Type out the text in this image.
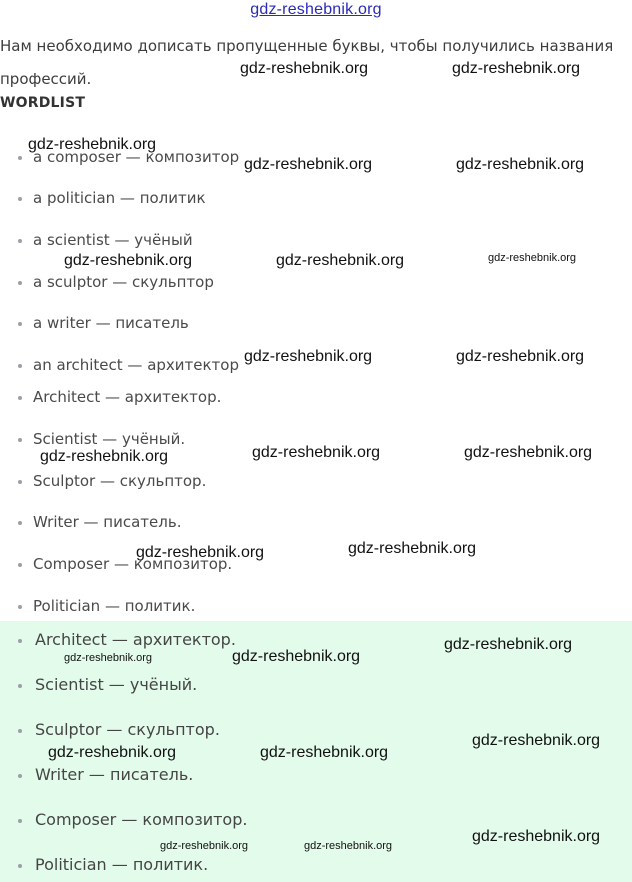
gdz-reshebnik.org
Нам необходимо дописать пропущенные буквы, чтобы получились названия профессий.
WORDLIST
a composer — композитор
a politician — политик
a scientist — учёный
a sculptor — скульптор
a writer — писатель
an architect — архитектор
Architect — архитектор.
Scientist — учёный.
Sculptor — скульптор.
Writer — писатель.
Composer — композитор.
Politician — политик.
Architect — архитектор.
Scientist — учёный.
Sculptor — скульптор.
Writer — писатель.
Composer — композитор.
Politician — политик.
gdz-reshebnik.org	gdz-reshebnik.org
gdz-reshebnik.org
gdz-reshebnik.org	gdz-reshebnik.org
gdz-reshebnik.org	gdz-reshebnik.org	gdz-reshebnik.org
gdz-reshebnik.org	gdz-reshebnik.org
gdz-reshebnik.org	gdz-reshebnik.org	gdz-reshebnik.org
gdz-reshebnik.org	gdz-reshebnik.org
gdz-reshebnik.org
gdz-reshebnik.org	gdz-reshebnik.org
gdz-reshebnik.org
gdz-reshebnik.org	gdz-reshebnik.org
gdz-reshebnik.org
gdz-reshebnik.org	gdz-reshebnik.org
